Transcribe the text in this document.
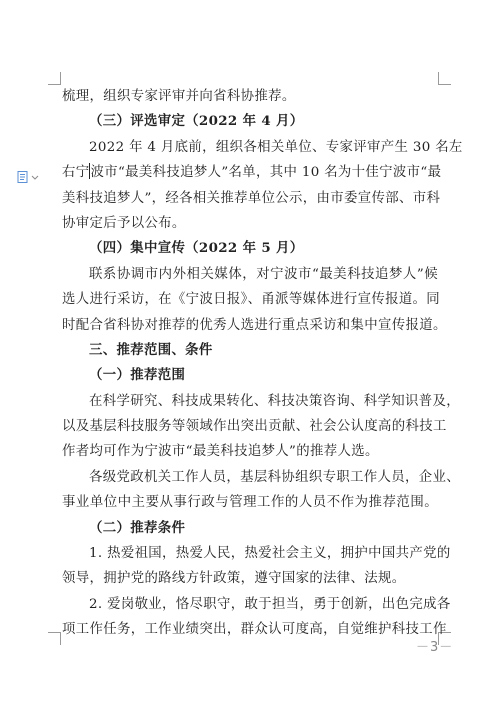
梳理，组织专家评审并向省科协推荐。
（三）评选审定（2022 年 4 月）
2022 年 4 月底前，组织各相关单位、专家评审产生 30 名左
右宁波市“最美科技追梦人”名单，其中 10 名为十佳宁波市“最
美科技追梦人”，经各相关推荐单位公示，由市委宣传部、市科
协审定后予以公布。
（四）集中宣传（2022 年 5 月）
联系协调市内外相关媒体，对宁波市“最美科技追梦人”候
选人进行采访，在《宁波日报》、甬派等媒体进行宣传报道。同
时配合省科协对推荐的优秀人选进行重点采访和集中宣传报道。
三、推荐范围、条件
（一）推荐范围
在科学研究、科技成果转化、科技决策咨询、科学知识普及，
以及基层科技服务等领域作出突出贡献、社会公认度高的科技工
作者均可作为宁波市“最美科技追梦人”的推荐人选。
各级党政机关工作人员，基层科协组织专职工作人员，企业、
事业单位中主要从事行政与管理工作的人员不作为推荐范围。
（二）推荐条件
1. 热爱祖国，热爱人民，热爱社会主义，拥护中国共产党的
领导，拥护党的路线方针政策，遵守国家的法律、法规。
2. 爱岗敬业，恪尽职守，敢于担当，勇于创新，出色完成各
项工作任务，工作业绩突出，群众认可度高，自觉维护科技工作
－3－
